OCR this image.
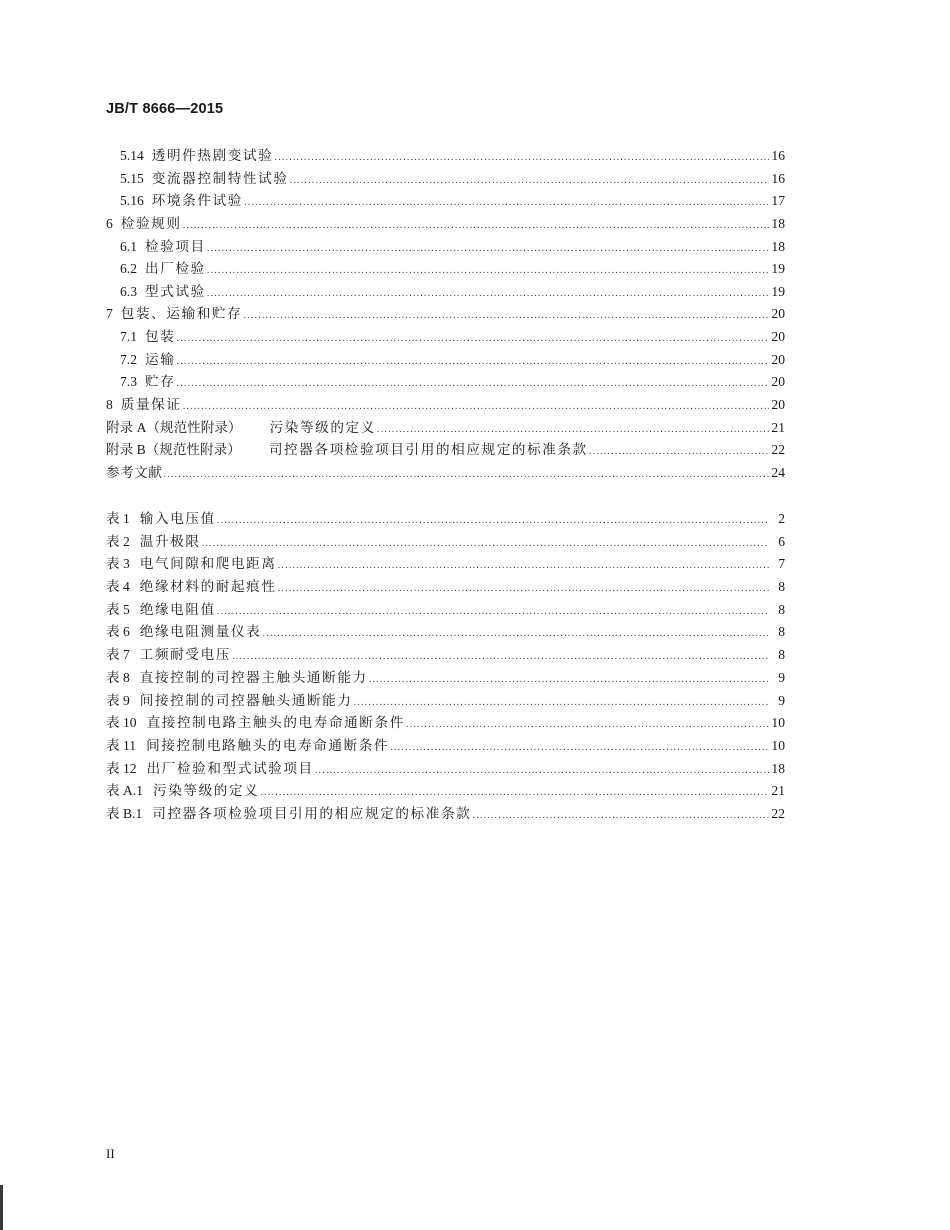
JB/T 8666—2015
5.14 透明件热剧变试验 .....	16
5.15 变流器控制特性试验 .....	16
5.16 环境条件试验 .....	17
6 检验规则 .....	18
6.1 检验项目 .....	18
6.2 出厂检验 .....	19
6.3 型式试验 .....	19
7 包装、运输和贮存 .....	20
7.1 包装 .....	20
7.2 运输 .....	20
7.3 贮存 .....	20
8 质量保证 .....	20
附录 A（规范性附录） 污染等级的定义 .....	21
附录 B（规范性附录） 司控器各项检验项目引用的相应规定的标准条款 .....	22
参考文献 .....	24
表 1 输入电压值 .....	2
表 2 温升极限 .....	6
表 3 电气间隙和爬电距离 .....	7
表 4 绝缘材料的耐起痕性 .....	8
表 5 绝缘电阻值 .....	8
表 6 绝缘电阻测量仪表 .....	8
表 7 工频耐受电压 .....	8
表 8 直接控制的司控器主触头通断能力 .....	9
表 9 间接控制的司控器触头通断能力 .....	9
表 10 直接控制电路主触头的电寿命通断条件 .....	10
表 11 间接控制电路触头的电寿命通断条件 .....	10
表 12 出厂检验和型式试验项目 .....	18
表 A.1 污染等级的定义 .....	21
表 B.1 司控器各项检验项目引用的相应规定的标准条款 .....	22
II
